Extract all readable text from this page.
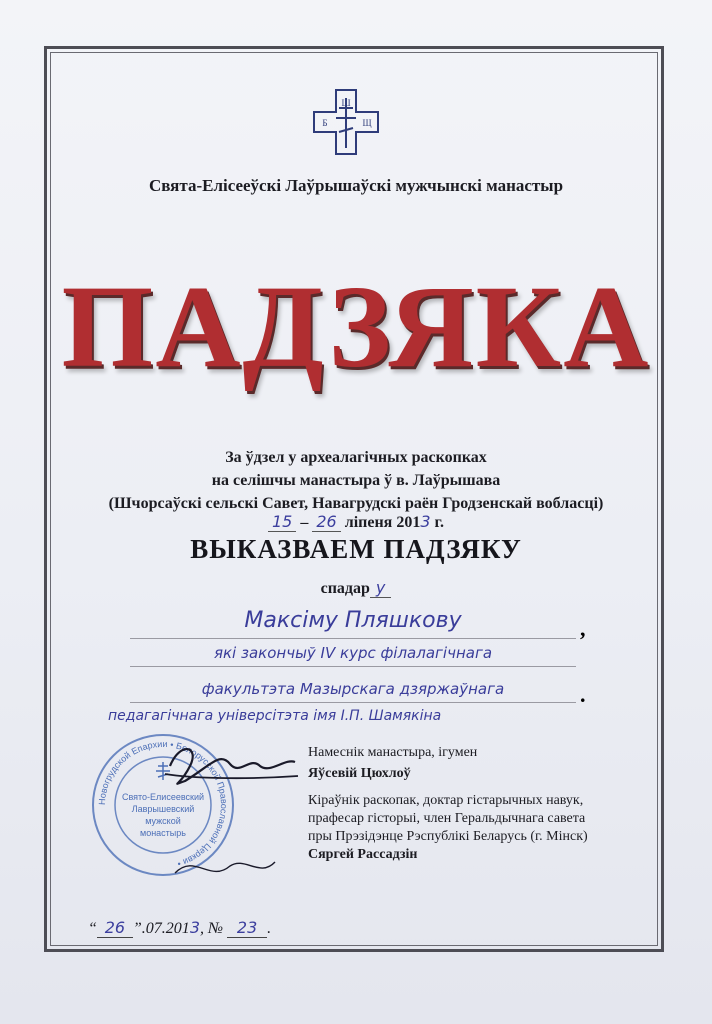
Ш
Б	Щ
Свята-Елісееўскі Лаўрышаўскі мужчынскі манастыр
ПАДЗЯКА
За ўдзел у археалагічных раскопках
на селішчы манастыра ў в. Лаўрышава
(Шчорсаўскі сельскі Савет, Навагрудскі раён Гродзенскай вобласці)
15 – 26 ліпеня 2013 г.
ВЫКАЗВАЕМ ПАДЗЯКУ
спадар у
Максіму Пляшкову	,
які закончыў IV курс філалагічнага
факультэта Мазырскага дзяржаўнага	.
педагагічнага універсітэта імя І.П. Шамякіна
Новогрудской Епархии • Белорусской Православной Церкви •
Свято-Елисеевский
Лаврышевский
мужской
монастырь
Намеснік манастыра, ігумен
Яўсевій Цюхлоў
Кіраўнік раскопак, доктар гістарычных навук,
прафесар гісторыі, член Геральдычнага савета
пры Прэзідэнце Рэспублікі Беларусь (г. Мінск)
Сяргей Рассадзін
“ 26 ”.07.2013, № 23 .
